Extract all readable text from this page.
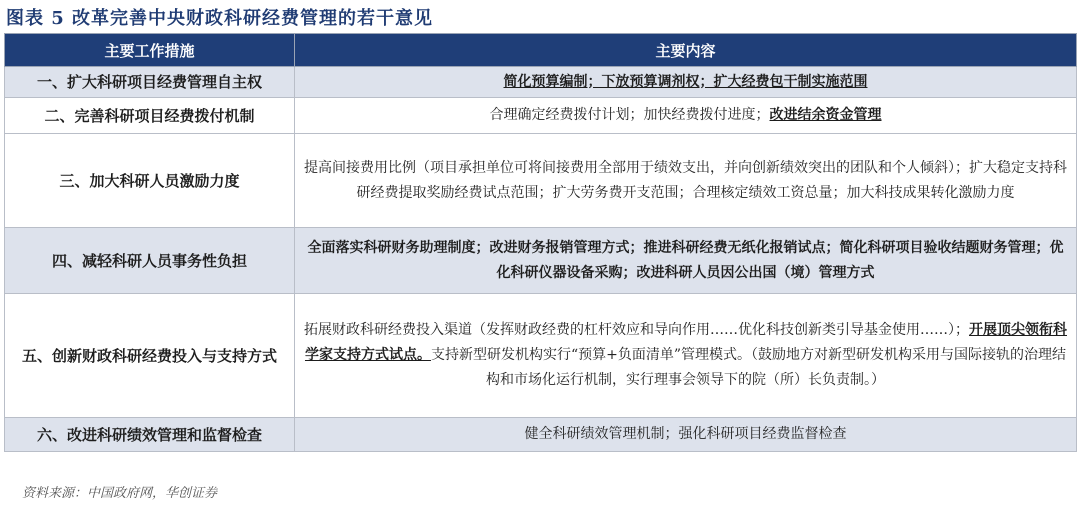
图表 5 改革完善中央财政科研经费管理的若干意见
主要工作措施	主要内容
一、扩大科研项目经费管理自主权	简化预算编制；下放预算调剂权；扩大经费包干制实施范围
二、完善科研项目经费拨付机制	合理确定经费拨付计划；加快经费拨付进度；改进结余资金管理
三、加大科研人员激励力度	提高间接费用比例（项目承担单位可将间接费用全部用于绩效支出，并向创新绩效突出的团队和个人倾斜）；扩大稳定支持科研经费提取奖励经费试点范围；扩大劳务费开支范围；合理核定绩效工资总量；加大科技成果转化激励力度
四、减轻科研人员事务性负担	全面落实科研财务助理制度；改进财务报销管理方式；推进科研经费无纸化报销试点；简化科研项目验收结题财务管理；优化科研仪器设备采购；改进科研人员因公出国（境）管理方式
五、创新财政科研经费投入与支持方式	拓展财政科研经费投入渠道（发挥财政经费的杠杆效应和导向作用……优化科技创新类引导基金使用……）；开展顶尖领衔科学家支持方式试点。支持新型研发机构实行“预算+负面清单”管理模式。（鼓励地方对新型研发机构采用与国际接轨的治理结构和市场化运行机制，实行理事会领导下的院（所）长负责制。）
六、改进科研绩效管理和监督检查	健全科研绩效管理机制；强化科研项目经费监督检查
资料来源：中国政府网，华创证券
